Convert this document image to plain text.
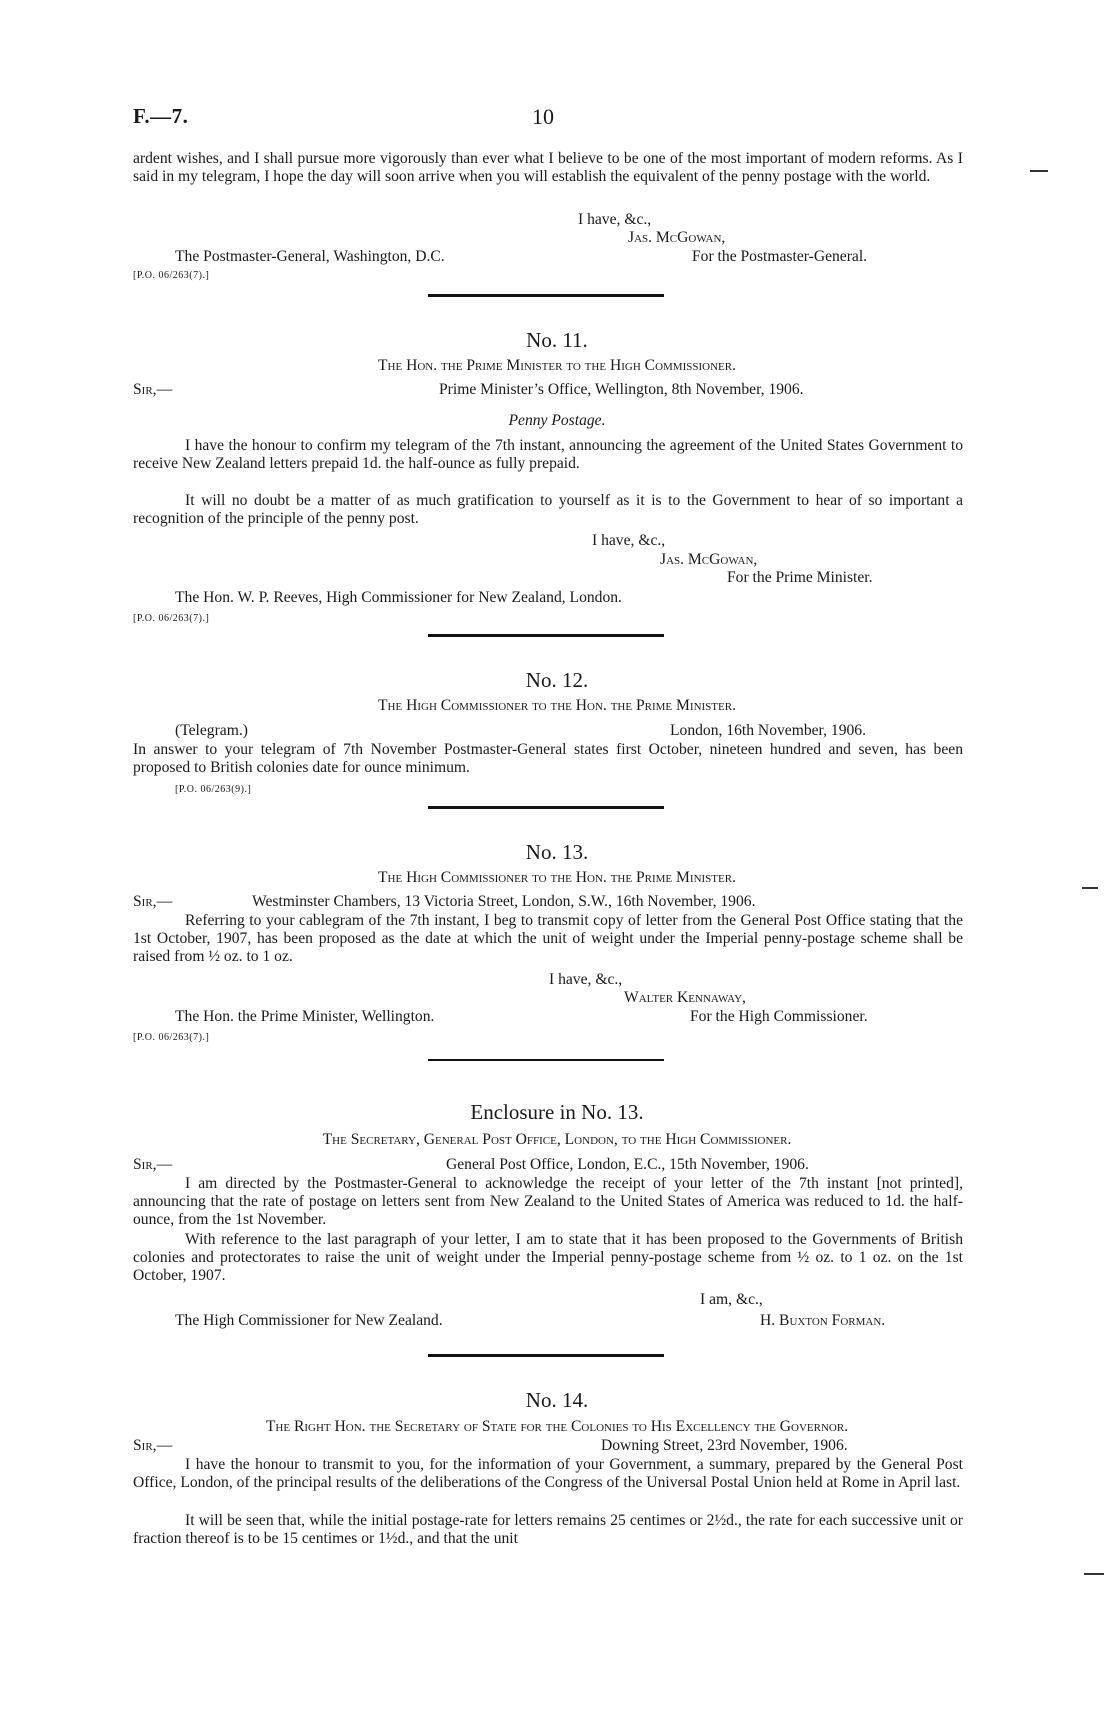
F.—7.	10
ardent wishes, and I shall pursue more vigorously than ever what I believe to be one of the most important of modern reforms. As I said in my telegram, I hope the day will soon arrive when you will establish the equivalent of the penny postage with the world.
I have, &c.,
Jas. McGowan,
The Postmaster-General, Washington, D.C.	For the Postmaster-General.
[P.O. 06/263(7).]
No. 11.
The Hon. the Prime Minister to the High Commissioner.
Sir,—	Prime Minister’s Office, Wellington, 8th November, 1906.
Penny Postage.
I have the honour to confirm my telegram of the 7th instant, announcing the agreement of the United States Government to receive New Zealand letters prepaid 1d. the half-ounce as fully prepaid.
It will no doubt be a matter of as much gratification to yourself as it is to the Government to hear of so important a recognition of the principle of the penny post.
I have, &c.,
Jas. McGowan,
For the Prime Minister.
The Hon. W. P. Reeves, High Commissioner for New Zealand, London.
[P.O. 06/263(7).]
No. 12.
The High Commissioner to the Hon. the Prime Minister.
(Telegram.)	London, 16th November, 1906.
In answer to your telegram of 7th November Postmaster-General states first October, nineteen hundred and seven, has been proposed to British colonies date for ounce minimum.
[P.O. 06/263(9).]
No. 13.
The High Commissioner to the Hon. the Prime Minister.
Sir,—	Westminster Chambers, 13 Victoria Street, London, S.W., 16th November, 1906.
Referring to your cablegram of the 7th instant, I beg to transmit copy of letter from the General Post Office stating that the 1st October, 1907, has been proposed as the date at which the unit of weight under the Imperial penny-postage scheme shall be raised from ½ oz. to 1 oz.
I have, &c.,
Walter Kennaway,
The Hon. the Prime Minister, Wellington.	For the High Commissioner.
[P.O. 06/263(7).]
Enclosure in No. 13.
The Secretary, General Post Office, London, to the High Commissioner.
Sir,—	General Post Office, London, E.C., 15th November, 1906.
I am directed by the Postmaster-General to acknowledge the receipt of your letter of the 7th instant [not printed], announcing that the rate of postage on letters sent from New Zealand to the United States of America was reduced to 1d. the half-ounce, from the 1st November.
With reference to the last paragraph of your letter, I am to state that it has been proposed to the Governments of British colonies and protectorates to raise the unit of weight under the Imperial penny-postage scheme from ½ oz. to 1 oz. on the 1st October, 1907.
I am, &c.,
The High Commissioner for New Zealand.	H. Buxton Forman.
No. 14.
The Right Hon. the Secretary of State for the Colonies to His Excellency the Governor.
Sir,—	Downing Street, 23rd November, 1906.
I have the honour to transmit to you, for the information of your Government, a summary, prepared by the General Post Office, London, of the principal results of the deliberations of the Congress of the Universal Postal Union held at Rome in April last.
It will be seen that, while the initial postage-rate for letters remains 25 centimes or 2½d., the rate for each successive unit or fraction thereof is to be 15 centimes or 1½d., and that the unit
